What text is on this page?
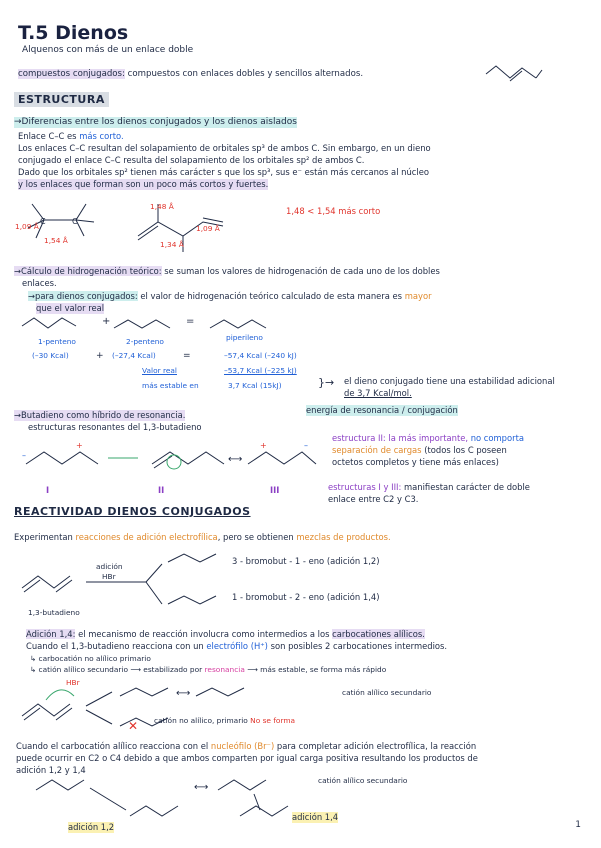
T.5 Dienos
Alquenos con más de un enlace doble
compuestos conjugados: compuestos con enlaces dobles y sencillos alternados.
ESTRUCTURA
→Diferencias entre los dienos conjugados y los dienos aislados
Enlace C–C es más corto.
Los enlaces C–C resultan del solapamiento de orbitales sp³ de ambos C. Sin embargo, en un dieno
conjugado el enlace C–C resulta del solapamiento de los orbitales sp² de ambos C.
Dado que los orbitales sp² tienen más carácter s que los sp³, sus e⁻ están más cercanos al núcleo
y los enlaces que forman son un poco más cortos y fuertes.
C	C
1,09 Å
1,54 Å
1,48 Å
1,09 Å
1,34 Å
1,48 < 1,54 más corto
→Cálculo de hidrogenación teórico: se suman los valores de hidrogenación de cada uno de los dobles
enlaces.
→para dienos conjugados: el valor de hidrogenación teórico calculado de esta manera es mayor
que el valor real
+	=
1-penteno	2-penteno	piperileno
(–30 Kcal)	+ (–27,4 Kcal)	=	–57,4 Kcal (–240 kJ)
Valor real	–53,7 Kcal (–225 kJ)
más estable en	3,7 Kcal (15kJ)	}→ el dieno conjugado tiene una estabilidad adicional
de 3,7 Kcal/mol.
energía de resonancia / conjugación
→Butadieno como híbrido de resonancia.
estructuras resonantes del 1,3-butadieno
+
–	⟷
+	–
I	II	III
estructura II: la más importante, no comporta
separación de cargas (todos los C poseen
octetos completos y tiene más enlaces)
estructuras I y III: manifiestan carácter de doble
enlace entre C2 y C3.
REACTIVIDAD DIENOS CONJUGADOS
Experimentan reacciones de adición electrofílica, pero se obtienen mezclas de productos.
adición
HBr
3 - bromobut - 1 - eno (adición 1,2)
1 - bromobut - 2 - eno (adición 1,4)
1,3-butadieno
Adición 1,4: el mecanismo de reacción involucra como intermedios a los carbocationes alílicos.
Cuando el 1,3-butadieno reacciona con un electrófilo (H⁺) son posibles 2 carbocationes intermedios.
↳ carbocatión no alílico primario
↳ catión alílico secundario ⟶ estabilizado por resonancia ⟶ más estable, se forma más rápido
⟷
✕
HBr
catión alílico secundario
catión no alílico, primario No se forma
Cuando el carbocatión alílico reacciona con el nucleófilo (Br⁻) para completar adición electrofílica, la reacción
puede ocurrir en C2 o C4 debido a que ambos comparten por igual carga positiva resultando los productos de
adición 1,2 y 1,4
⟷
catión alílico secundario
adición 1,2
adición 1,4
1
